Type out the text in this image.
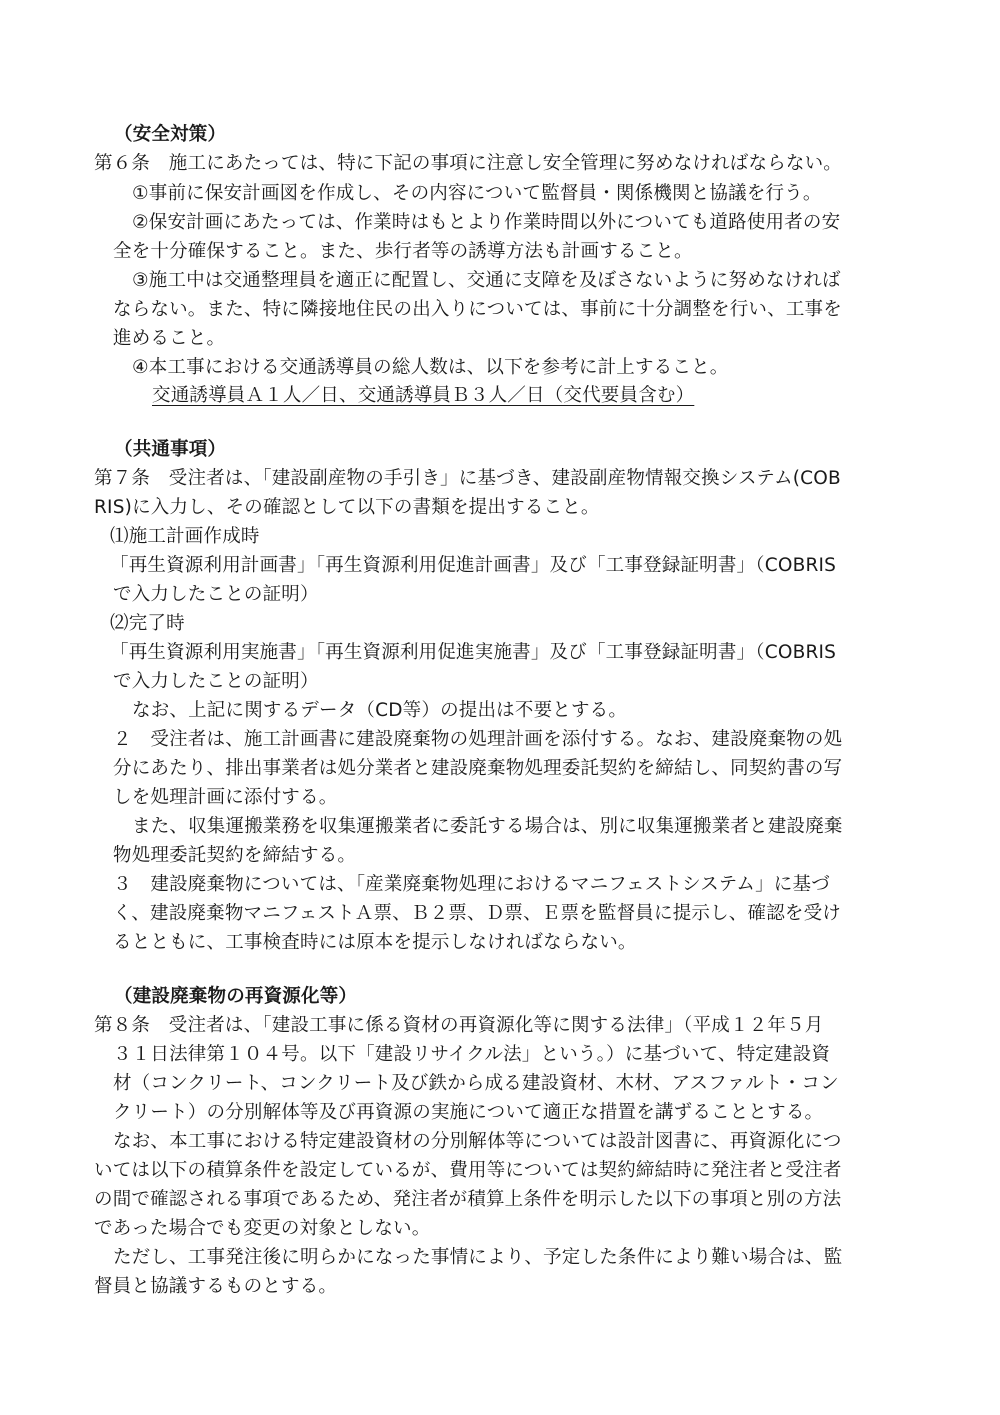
（安全対策）
第６条　施工にあたっては、特に下記の事項に注意し安全管理に努めなければならない。
①事前に保安計画図を作成し、その内容について監督員・関係機関と協議を行う。
②保安計画にあたっては、作業時はもとより作業時間以外についても道路使用者の安
全を十分確保すること。また、歩行者等の誘導方法も計画すること。
③施工中は交通整理員を適正に配置し、交通に支障を及ぼさないように努めなければ
ならない。また、特に隣接地住民の出入りについては、事前に十分調整を行い、工事を
進めること。
④本工事における交通誘導員の総人数は、以下を参考に計上すること。
交通誘導員Ａ１人／日、交通誘導員Ｂ３人／日（交代要員含む）
（共通事項）
第７条　受注者は、「建設副産物の手引き」に基づき、建設副産物情報交換システム(COB
RIS)に入力し、その確認として以下の書類を提出すること。
⑴施工計画作成時
「再生資源利用計画書」「再生資源利用促進計画書」及び「工事登録証明書」（COBRIS
で入力したことの証明）
⑵完了時
「再生資源利用実施書」「再生資源利用促進実施書」及び「工事登録証明書」（COBRIS
で入力したことの証明）
なお、上記に関するデータ（CD等）の提出は不要とする。
２　受注者は、施工計画書に建設廃棄物の処理計画を添付する。なお、建設廃棄物の処
分にあたり、排出事業者は処分業者と建設廃棄物処理委託契約を締結し、同契約書の写
しを処理計画に添付する。
また、収集運搬業務を収集運搬業者に委託する場合は、別に収集運搬業者と建設廃棄
物処理委託契約を締結する。
３　建設廃棄物については、「産業廃棄物処理におけるマニフェストシステム」に基づ
く、建設廃棄物マニフェストＡ票、Ｂ２票、Ｄ票、Ｅ票を監督員に提示し、確認を受け
るとともに、工事検査時には原本を提示しなければならない。
（建設廃棄物の再資源化等）
第８条　受注者は、「建設工事に係る資材の再資源化等に関する法律」（平成１２年５月
３１日法律第１０４号。以下「建設リサイクル法」という。）に基づいて、特定建設資
材（コンクリート、コンクリート及び鉄から成る建設資材、木材、アスファルト・コン
クリート）の分別解体等及び再資源の実施について適正な措置を講ずることとする。
なお、本工事における特定建設資材の分別解体等については設計図書に、再資源化につ
いては以下の積算条件を設定しているが、費用等については契約締結時に発注者と受注者
の間で確認される事項であるため、発注者が積算上条件を明示した以下の事項と別の方法
であった場合でも変更の対象としない。
ただし、工事発注後に明らかになった事情により、予定した条件により難い場合は、監
督員と協議するものとする。
